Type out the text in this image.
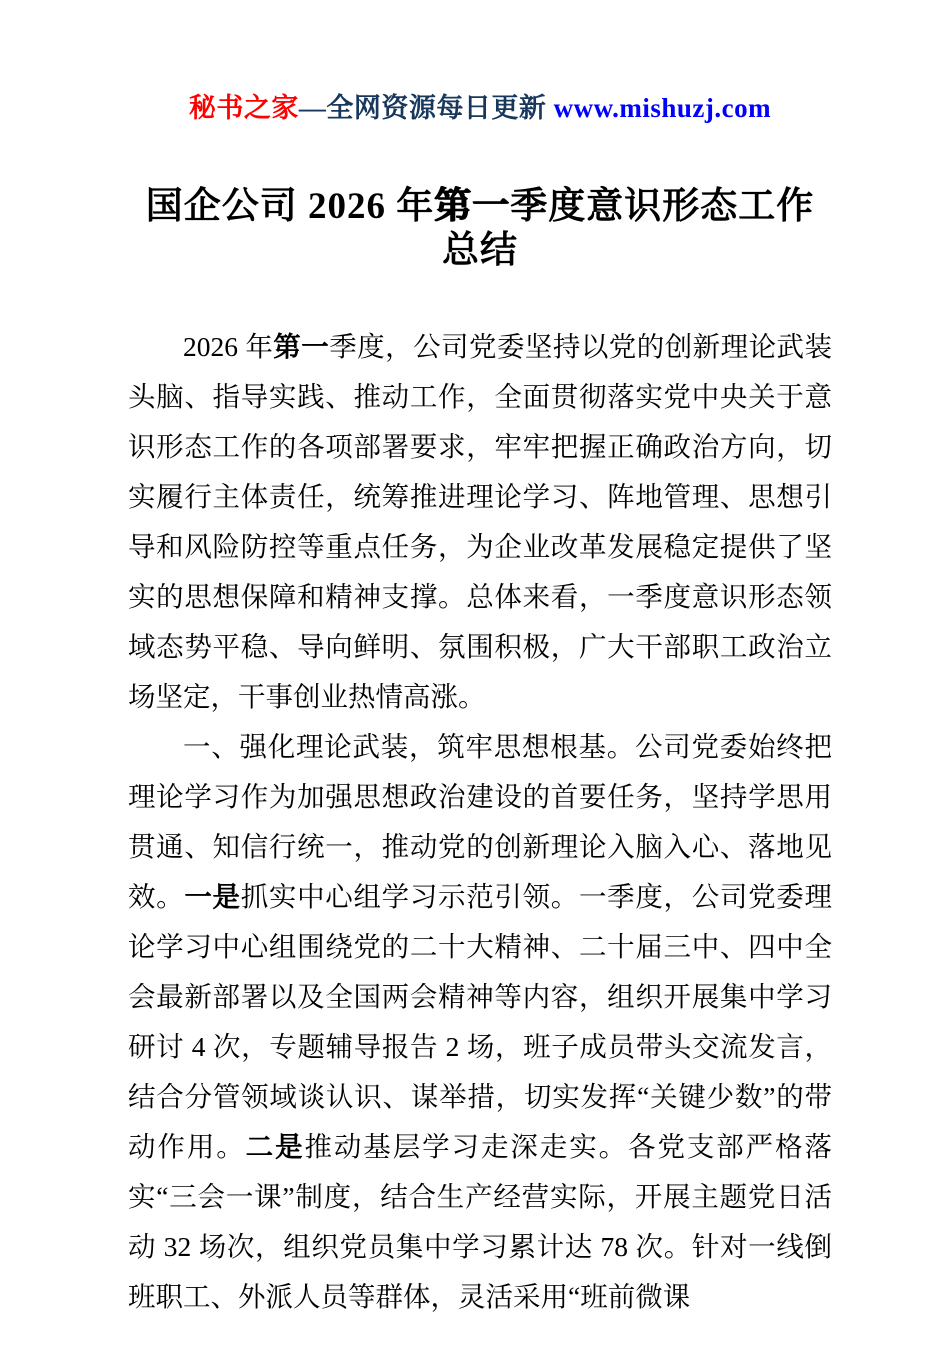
秘书之家—全网资源每日更新 www.mishuzj.com
国企公司 2026 年第一季度意识形态工作总结

2026 年第一季度，公司党委坚持以党的创新理论武装头脑、指导实践、推动工作，全面贯彻落实党中央关于意识形态工作的各项部署要求，牢牢把握正确政治方向，切实履行主体责任，统筹推进理论学习、阵地管理、思想引导和风险防控等重点任务，为企业改革发展稳定提供了坚实的思想保障和精神支撑。总体来看，一季度意识形态领域态势平稳、导向鲜明、氛围积极，广大干部职工政治立场坚定，干事创业热情高涨。

一、强化理论武装，筑牢思想根基。公司党委始终把理论学习作为加强思想政治建设的首要任务，坚持学思用贯通、知信行统一，推动党的创新理论入脑入心、落地见效。一是抓实中心组学习示范引领。一季度，公司党委理论学习中心组围绕党的二十大精神、二十届三中、四中全会最新部署以及全国两会精神等内容，组织开展集中学习研讨 4 次，专题辅导报告 2 场，班子成员带头交流发言，结合分管领域谈认识、谋举措，切实发挥“关键少数”的带动作用。二是推动基层学习走深走实。各党支部严格落实“三会一课”制度，结合生产经营实际，开展主题党日活动 32 场次，组织党员集中学习累计达 78 次。针对一线倒班职工、外派人员等群体，灵活采用“班前微课
